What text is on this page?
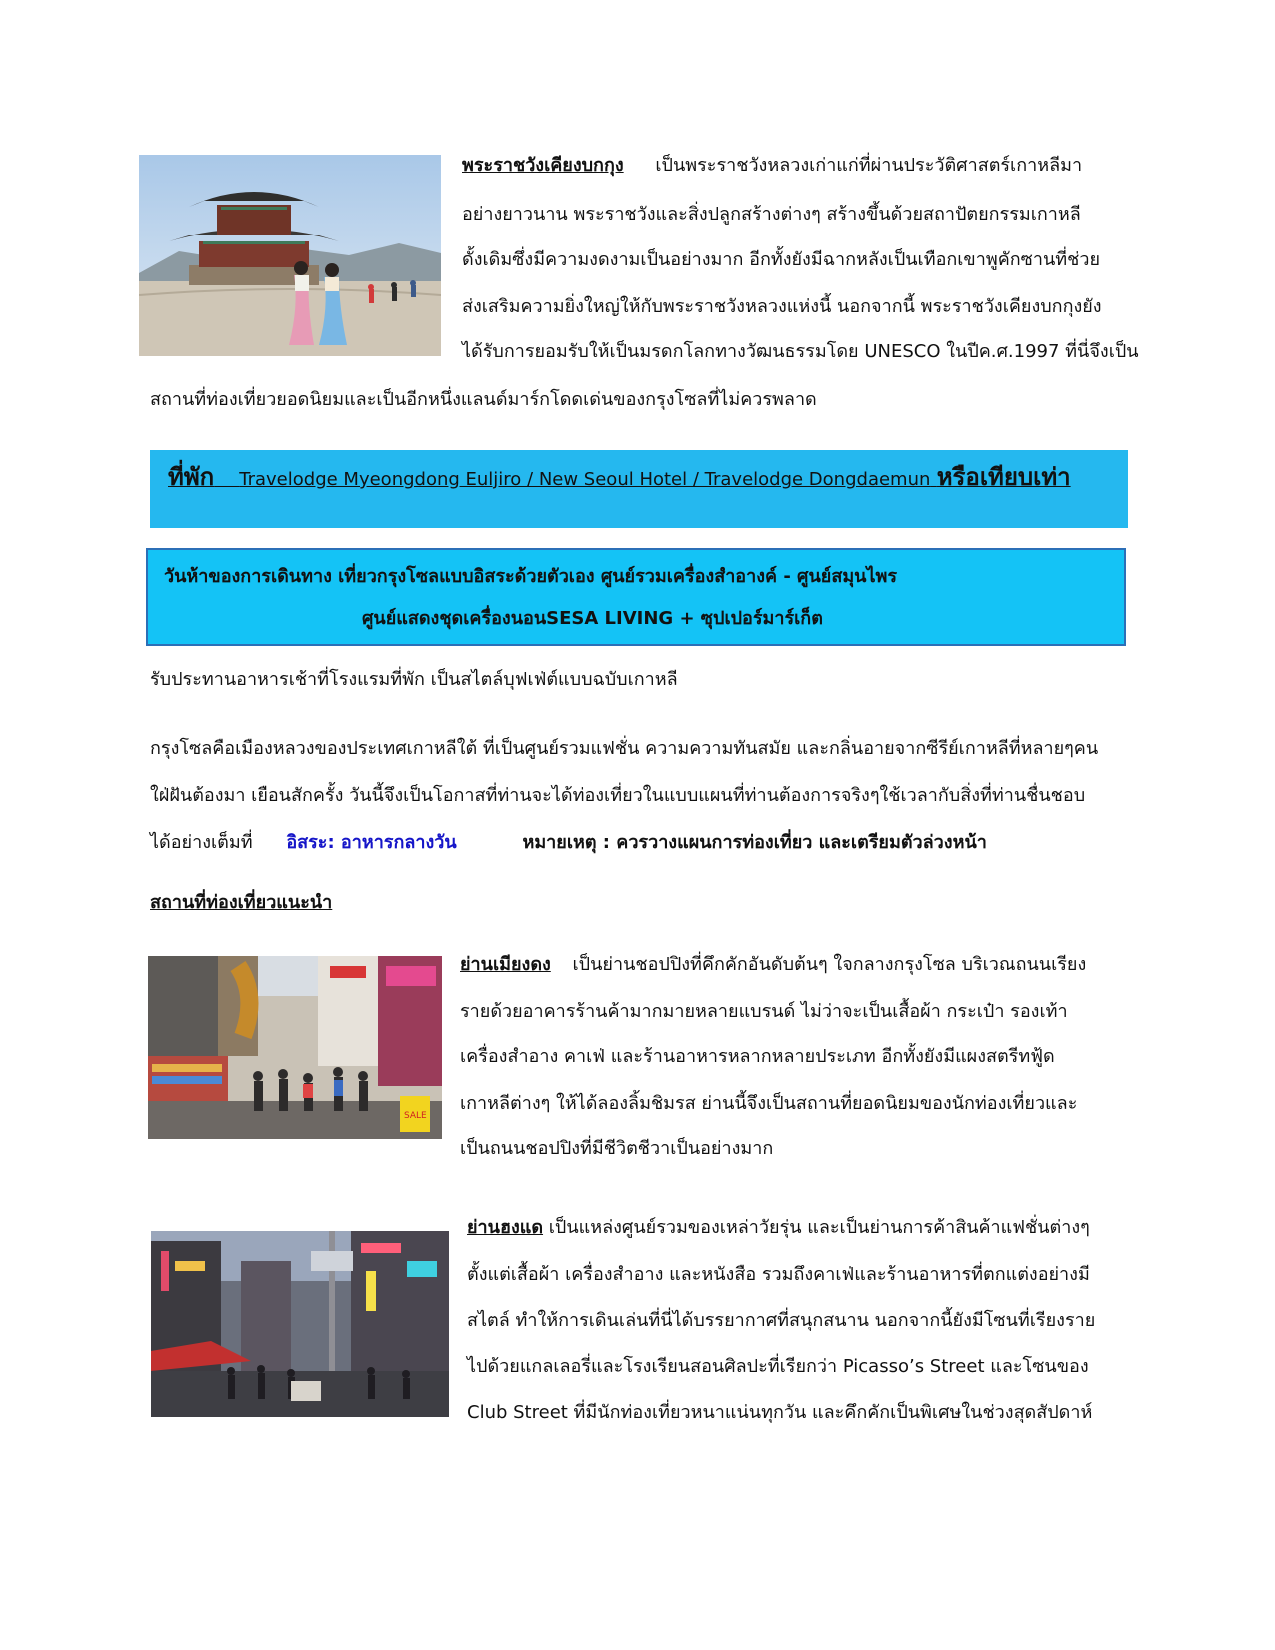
พระราชวังเคียงบกกุง เป็นพระราชวังหลวงเก่าแก่ที่ผ่านประวัติศาสตร์เกาหลีมา
อย่างยาวนาน พระราชวังและสิ่งปลูกสร้างต่างๆ สร้างขึ้นด้วยสถาปัตยกรรมเกาหลี
ดั้งเดิมซึ่งมีความงดงามเป็นอย่างมาก อีกทั้งยังมีฉากหลังเป็นเทือกเขาพูคักซานที่ช่วย
ส่งเสริมความยิ่งใหญ่ให้กับพระราชวังหลวงแห่งนี้ นอกจากนี้ พระราชวังเคียงบกกุงยัง
ได้รับการยอมรับให้เป็นมรดกโลกทางวัฒนธรรมโดย UNESCO ในปีค.ศ.1997 ที่นี่จึงเป็น
สถานที่ท่องเที่ยวยอดนิยมและเป็นอีกหนึ่งแลนด์มาร์กโดดเด่นของกรุงโซลที่ไม่ควรพลาด
ที่พัก Travelodge Myeongdong Euljiro / New Seoul Hotel / Travelodge Dongdaemun หรือเทียบเท่า
วันห้าของการเดินทาง เที่ยวกรุงโซลแบบอิสระด้วยตัวเอง ศูนย์รวมเครื่องสำอางค์ - ศูนย์สมุนไพร
ศูนย์แสดงชุดเครื่องนอนSESA LIVING + ซุปเปอร์มาร์เก็ต
รับประทานอาหารเช้าที่โรงแรมที่พัก เป็นสไตล์บุฟเฟ่ต์แบบฉบับเกาหลี
กรุงโซลคือเมืองหลวงของประเทศเกาหลีใต้ ที่เป็นศูนย์รวมแฟชั่น ความความทันสมัย และกลิ่นอายจากซีรีย์เกาหลีที่หลายๆคน
ใฝ่ฝันต้องมา เยือนสักครั้ง วันนี้จึงเป็นโอกาสที่ท่านจะได้ท่องเที่ยวในแบบแผนที่ท่านต้องการจริงๆใช้เวลากับสิ่งที่ท่านชื่นชอบ
ได้อย่างเต็มที่ อิสระ: อาหารกลางวัน	หมายเหตุ : ควรวางแผนการท่องเที่ยว และเตรียมตัวล่วงหน้า
สถานที่ท่องเที่ยวแนะนำ
SALE
ย่านเมียงดง เป็นย่านชอปปิงที่คึกคักอันดับต้นๆ ใจกลางกรุงโซล บริเวณถนนเรียง
รายด้วยอาคารร้านค้ามากมายหลายแบรนด์ ไม่ว่าจะเป็นเสื้อผ้า กระเป๋า รองเท้า
เครื่องสำอาง คาเฟ่ และร้านอาหารหลากหลายประเภท อีกทั้งยังมีแผงสตรีทฟู้ด
เกาหลีต่างๆ ให้ได้ลองลิ้มชิมรส ย่านนี้จึงเป็นสถานที่ยอดนิยมของนักท่องเที่ยวและ
เป็นถนนชอปปิงที่มีชีวิตชีวาเป็นอย่างมาก
ย่านฮงแด เป็นแหล่งศูนย์รวมของเหล่าวัยรุ่น และเป็นย่านการค้าสินค้าแฟชั่นต่างๆ
ตั้งแต่เสื้อผ้า เครื่องสำอาง และหนังสือ รวมถึงคาเฟ่และร้านอาหารที่ตกแต่งอย่างมี
สไตล์ ทำให้การเดินเล่นที่นี่ได้บรรยากาศที่สนุกสนาน นอกจากนี้ยังมีโซนที่เรียงราย
ไปด้วยแกลเลอรี่และโรงเรียนสอนศิลปะที่เรียกว่า Picasso’s Street และโซนของ
Club Street ที่มีนักท่องเที่ยวหนาแน่นทุกวัน และคึกคักเป็นพิเศษในช่วงสุดสัปดาห์
